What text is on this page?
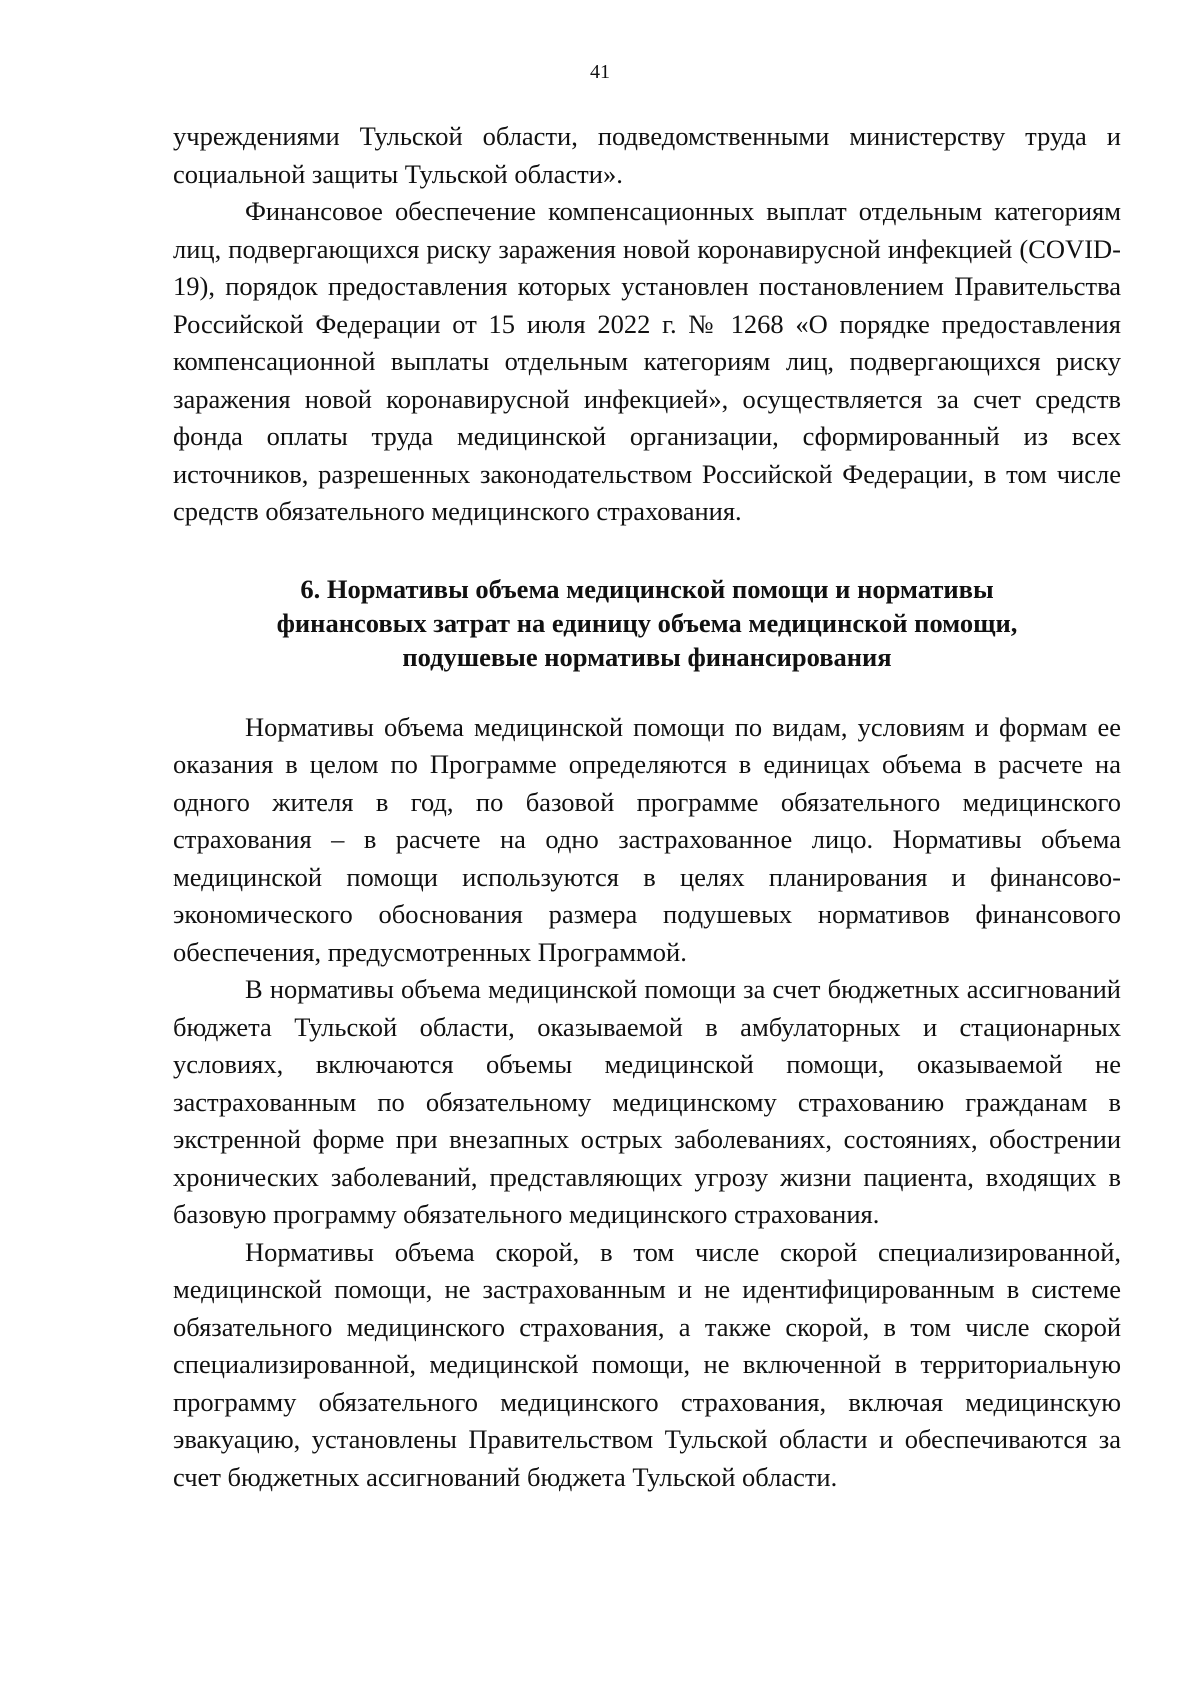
41

учреждениями Тульской области, подведомственными министерству труда и социальной защиты Тульской области».

Финансовое обеспечение компенсационных выплат отдельным категориям лиц, подвергающихся риску заражения новой коронавирусной инфекцией (COVID-19), порядок предоставления которых установлен постановлением Правительства Российской Федерации от 15 июля 2022 г. № 1268 «О порядке предоставления компенсационной выплаты отдельным категориям лиц, подвергающихся риску заражения новой коронавирусной инфекцией», осуществляется за счет средств фонда оплаты труда медицинской организации, сформированный из всех источников, разрешенных законодательством Российской Федерации, в том числе средств обязательного медицинского страхования.

6. Нормативы объема медицинской помощи и нормативы
финансовых затрат на единицу объема медицинской помощи,
подушевые нормативы финансирования

Нормативы объема медицинской помощи по видам, условиям и формам ее оказания в целом по Программе определяются в единицах объема в расчете на одного жителя в год, по базовой программе обязательного медицинского страхования – в расчете на одно застрахованное лицо. Нормативы объема медицинской помощи используются в целях планирования и финансово-экономического обоснования размера подушевых нормативов финансового обеспечения, предусмотренных Программой.

В нормативы объема медицинской помощи за счет бюджетных ассигнований бюджета Тульской области, оказываемой в амбулаторных и стационарных условиях, включаются объемы медицинской помощи, оказываемой не застрахованным по обязательному медицинскому страхованию гражданам в экстренной форме при внезапных острых заболеваниях, состояниях, обострении хронических заболеваний, представляющих угрозу жизни пациента, входящих в базовую программу обязательного медицинского страхования.

Нормативы объема скорой, в том числе скорой специализированной, медицинской помощи, не застрахованным и не идентифицированным в системе обязательного медицинского страхования, а также скорой, в том числе скорой специализированной, медицинской помощи, не включенной в территориальную программу обязательного медицинского страхования, включая медицинскую эвакуацию, установлены Правительством Тульской области и обеспечиваются за счет бюджетных ассигнований бюджета Тульской области.
